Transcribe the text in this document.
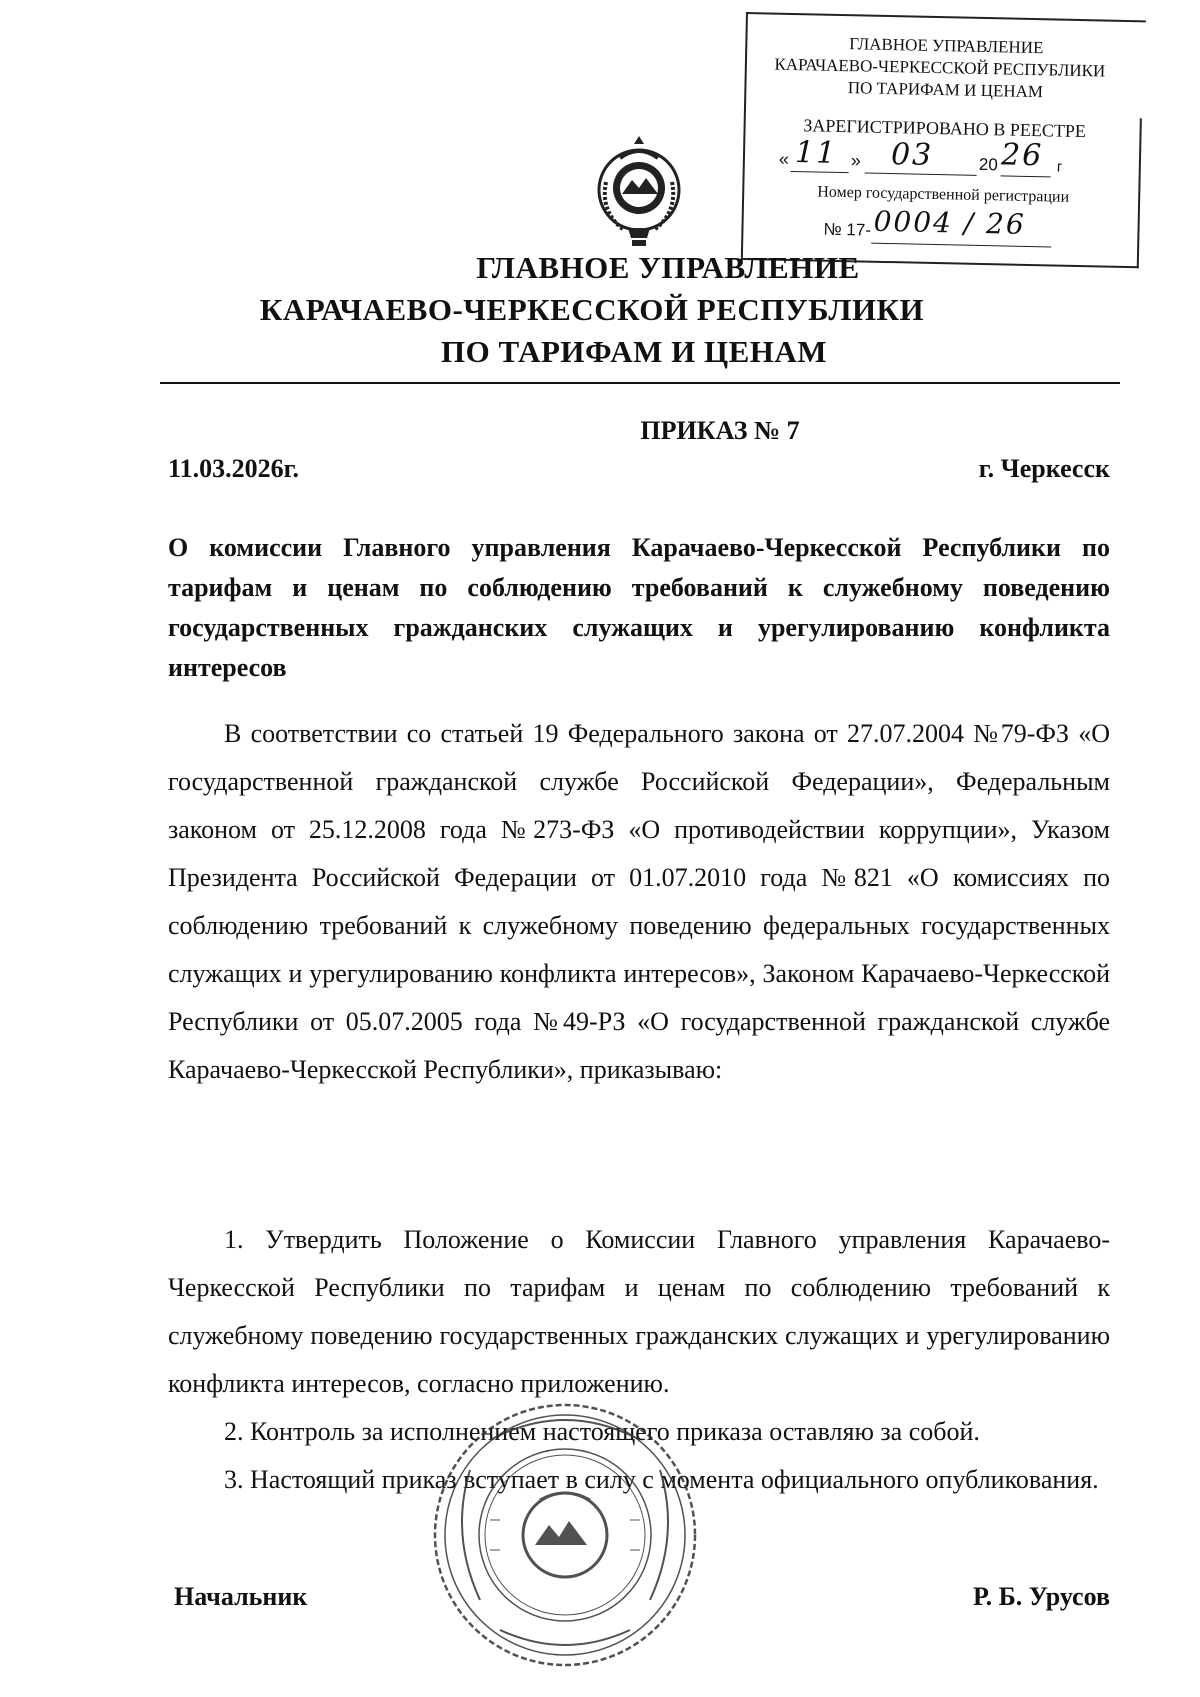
ГЛАВНОЕ УПРАВЛЕНИЕ
КАРАЧАЕВО-ЧЕРКЕССКОЙ РЕСПУБЛИКИ
ПО ТАРИФАМ И ЦЕНАМ
ЗАРЕГИСТРИРОВАНО В РЕЕСТРЕ
« 11 » 03	20 26 г
Номер государственной регистрации
№ 17- 0004 / 26
ГЛАВНОЕ УПРАВЛЕНИЕ
КАРАЧАЕВО-ЧЕРКЕССКОЙ РЕСПУБЛИКИ
ПО ТАРИФАМ И ЦЕНАМ
ПРИКАЗ № 7
11.03.2026г.	г. Черкесск
О комиссии Главного управления Карачаево-Черкесской Республики по тарифам и ценам по соблюдению требований к служебному поведению государственных гражданских служащих и урегулированию конфликта интересов
В соответствии со статьей 19 Федерального закона от 27.07.2004 №79-ФЗ «О государственной гражданской службе Российской Федерации», Федеральным законом от 25.12.2008 года №273-ФЗ «О противодействии коррупции», Указом Президента Российской Федерации от 01.07.2010 года №821 «О комиссиях по соблюдению требований к служебному поведению федеральных государственных служащих и урегулированию конфликта интересов», Законом Карачаево-Черкесской Республики от 05.07.2005 года №49-РЗ «О государственной гражданской службе Карачаево-Черкесской Республики», приказываю:
1. Утвердить Положение о Комиссии Главного управления Карачаево-Черкесской Республики по тарифам и ценам по соблюдению требований к служебному поведению государственных гражданских служащих и урегулированию конфликта интересов, согласно приложению.
2. Контроль за исполнением настоящего приказа оставляю за собой.
3. Настоящий приказ вступает в силу с момента официального опубликования.
Начальник	Р. Б. Урусов
